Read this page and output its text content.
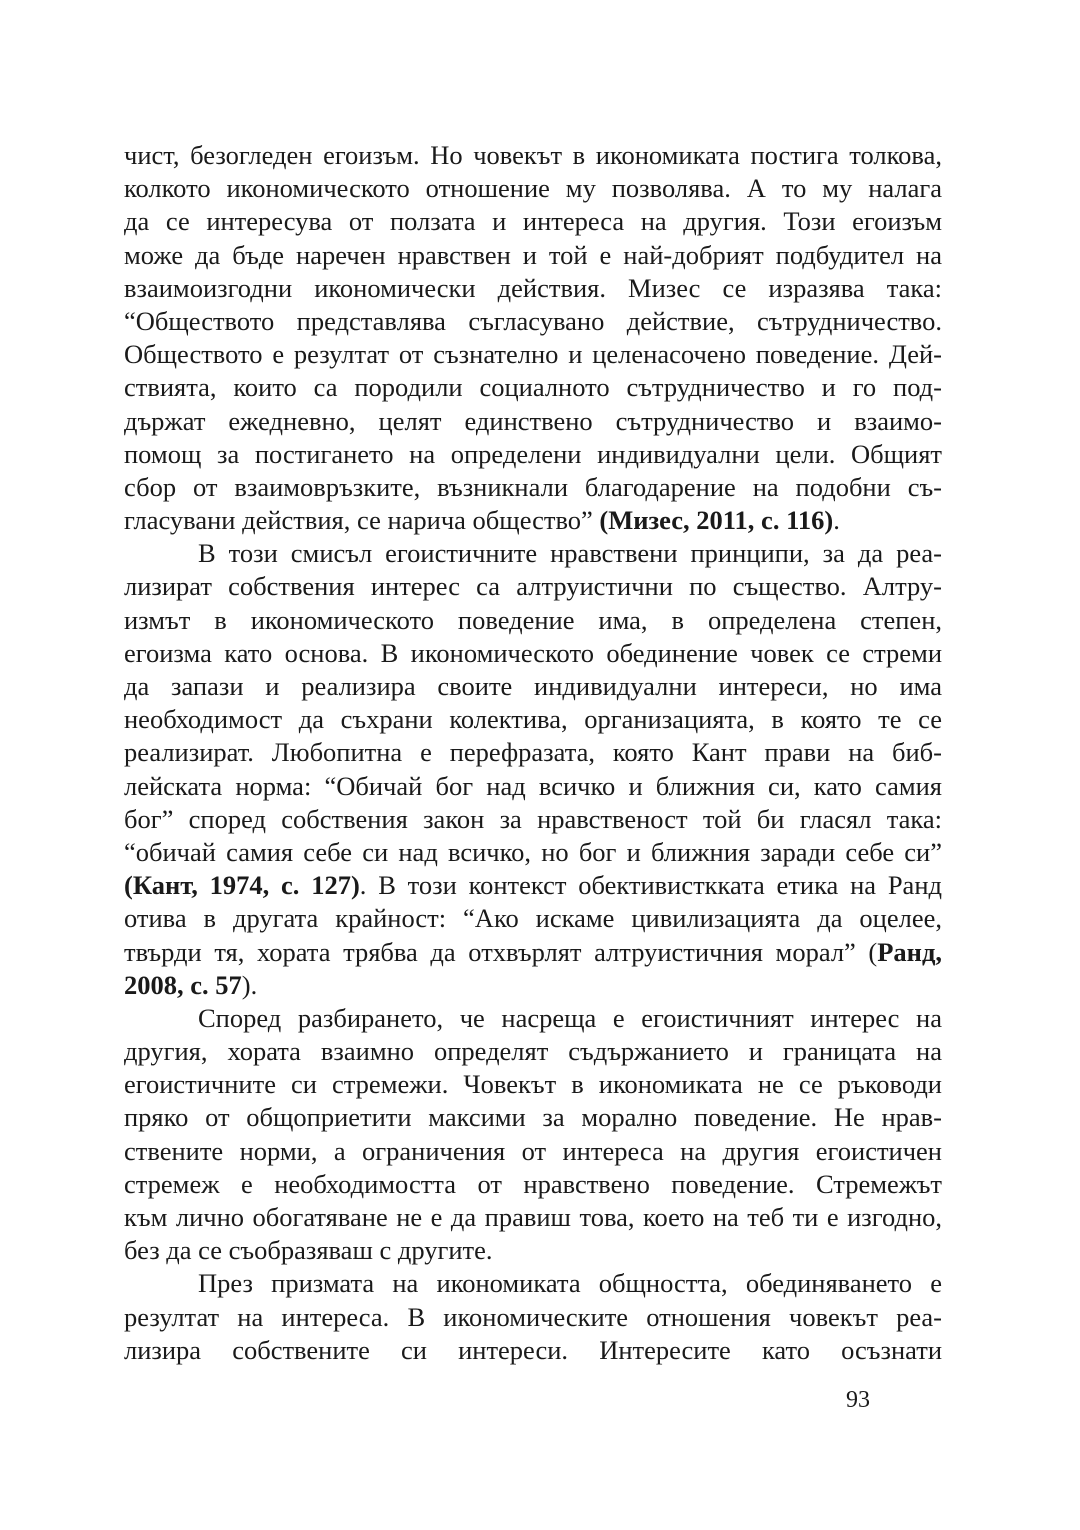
чист, безогледен егоизъм. Но човекът в икономиката постига толкова,
колкото икономическото отношение му позволява. А то му налага
да се интересува от ползата и интереса на другия. Този егоизъм
може да бъде наречен нравствен и той е най-добрият подбудител на
взаимоизгодни икономически действия. Мизес се изразява така:
“Обществото представлява съгласувано действие, сътрудничество.
Обществото е резултат от съзнателно и целенасочено поведение. Дей-
ствията, които са породили социалното сътрудничество и го под-
държат ежедневно, целят единствено сътрудничество и взаимо-
помощ за постигането на определени индивидуални цели. Общият
сбор от взаимовръзките, възникнали благодарение на подобни съ-
гласувани действия, се нарича общество” (Мизес, 2011, с. 116).
В този смисъл егоистичните нравствени принципи, за да реа-
лизират собствения интерес са алтруистични по същество. Алтру-
измът в икономическото поведение има, в определена степен,
егоизма като основа. В икономическото обединение човек се стреми
да запази и реализира своите индивидуални интереси, но има
необходимост да съхрани колектива, организацията, в която те се
реализират. Любопитна е перефразата, която Кант прави на биб-
лейската норма: “Обичай бог над всичко и ближния си, като самия
бог” според собствения закон за нравственост той би гласял така:
“обичай самия себе си над всичко, но бог и ближния заради себе си”
(Кант, 1974, с. 127). В този контекст обективисткката етика на Ранд
отива в другата крайност: “Ако искаме цивилизацията да оцелее,
твърди тя, хората трябва да отхвърлят алтруистичния морал” (Ранд,
2008, с. 57).
Според разбирането, че насреща е егоистичният интерес на
другия, хората взаимно определят съдържанието и границата на
егоистичните си стремежи. Човекът в икономиката не се ръководи
пряко от общоприетити максими за морално поведение. Не нрав-
ствените норми, а ограничения от интереса на другия егоистичен
стремеж е необходимостта от нравствено поведение. Стремежът
към лично обогатяване не е да правиш това, което на теб ти е изгодно,
без да се съобразяваш с другите.
През призмата на икономиката общността, обединяването е
резултат на интереса. В икономическите отношения човекът реа-
лизира собствените си интереси. Интересите като осъзнати
93
